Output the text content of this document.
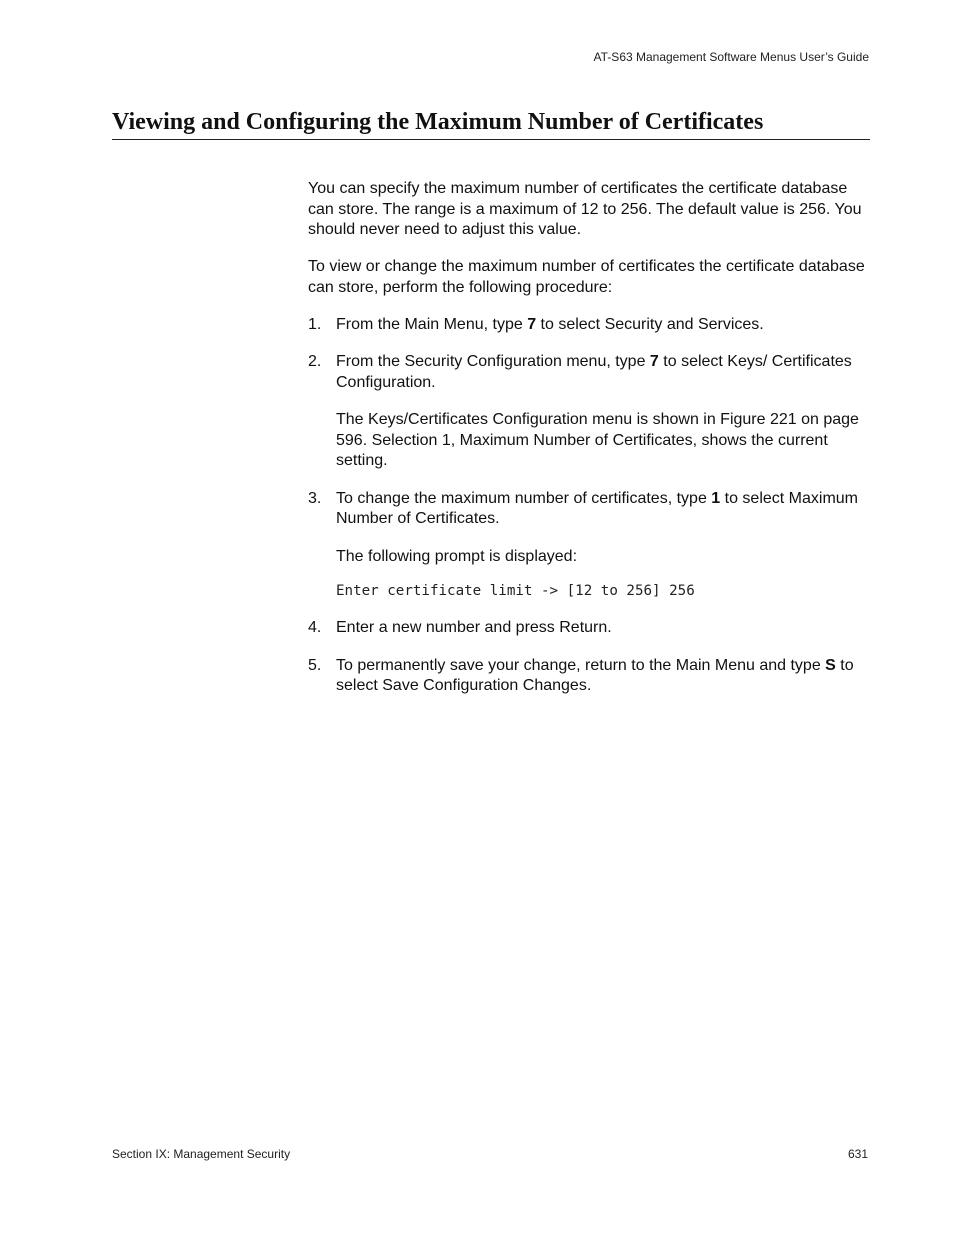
AT-S63 Management Software Menus User’s Guide
Viewing and Configuring the Maximum Number of Certificates

You can specify the maximum number of certificates the certificate database can store. The range is a maximum of 12 to 256. The default value is 256. You should never need to adjust this value.

To view or change the maximum number of certificates the certificate database can store, perform the following procedure:

1. From the Main Menu, type 7 to select Security and Services.

2. From the Security Configuration menu, type 7 to select Keys/ Certificates Configuration.

The Keys/Certificates Configuration menu is shown in Figure 221 on page 596. Selection 1, Maximum Number of Certificates, shows the current setting.

3. To change the maximum number of certificates, type 1 to select Maximum Number of Certificates.

The following prompt is displayed:

Enter certificate limit -> [12 to 256] 256
4. Enter a new number and press Return.

5. To permanently save your change, return to the Main Menu and type S to select Save Configuration Changes.

Section IX: Management Security	631
